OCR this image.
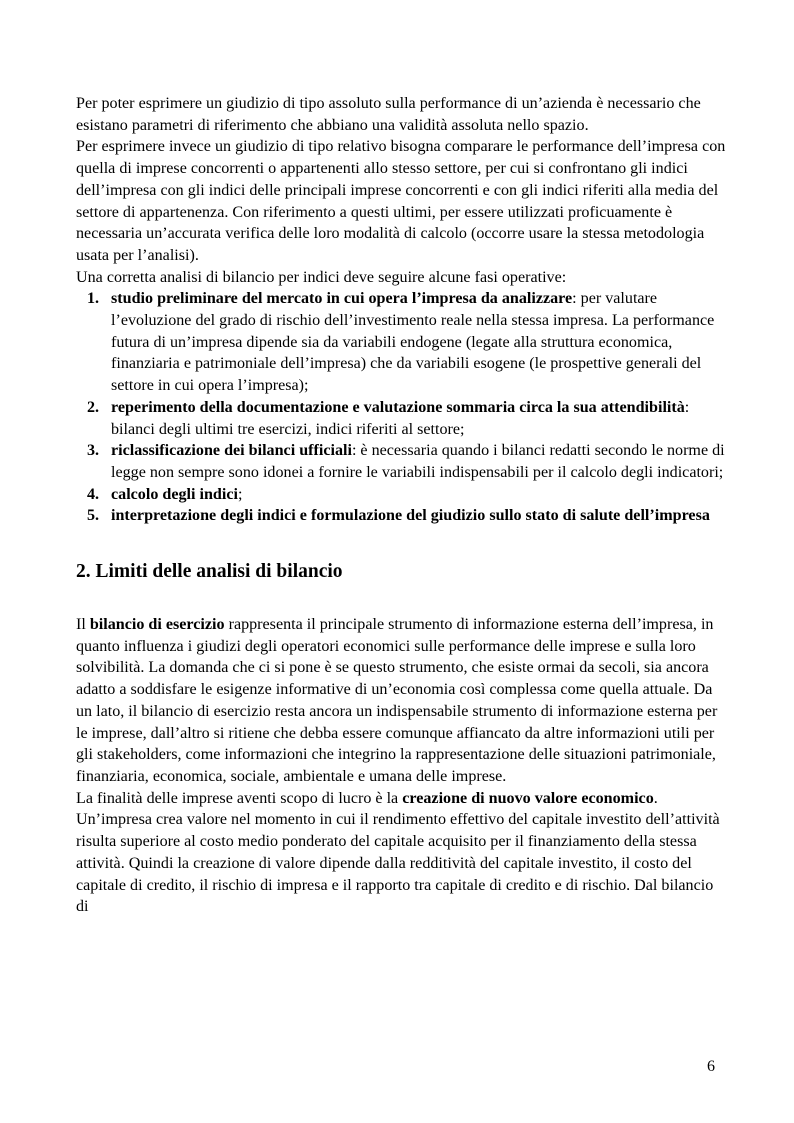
Per poter esprimere un giudizio di tipo assoluto sulla performance di un’azienda è necessario che esistano parametri di riferimento che abbiano una validità assoluta nello spazio.

Per esprimere invece un giudizio di tipo relativo bisogna comparare le performance dell’impresa con quella di imprese concorrenti o appartenenti allo stesso settore, per cui si confrontano gli indici dell’impresa con gli indici delle principali imprese concorrenti e con gli indici riferiti alla media del settore di appartenenza. Con riferimento a questi ultimi, per essere utilizzati proficuamente è necessaria un’accurata verifica delle loro modalità di calcolo (occorre usare la stessa metodologia usata per l’analisi).

Una corretta analisi di bilancio per indici deve seguire alcune fasi operative:

1. studio preliminare del mercato in cui opera l’impresa da analizzare: per valutare l’evoluzione del grado di rischio dell’investimento reale nella stessa impresa. La performance futura di un’impresa dipende sia da variabili endogene (legate alla struttura economica, finanziaria e patrimoniale dell’impresa) che da variabili esogene (le prospettive generali del settore in cui opera l’impresa);
2. reperimento della documentazione e valutazione sommaria circa la sua attendibilità: bilanci degli ultimi tre esercizi, indici riferiti al settore;
3. riclassificazione dei bilanci ufficiali: è necessaria quando i bilanci redatti secondo le norme di legge non sempre sono idonei a fornire le variabili indispensabili per il calcolo degli indicatori;
4. calcolo degli indici;
5. interpretazione degli indici e formulazione del giudizio sullo stato di salute dell’impresa
2. Limiti delle analisi di bilancio

Il bilancio di esercizio rappresenta il principale strumento di informazione esterna dell’impresa, in quanto influenza i giudizi degli operatori economici sulle performance delle imprese e sulla loro solvibilità. La domanda che ci si pone è se questo strumento, che esiste ormai da secoli, sia ancora adatto a soddisfare le esigenze informative di un’economia così complessa come quella attuale. Da un lato, il bilancio di esercizio resta ancora un indispensabile strumento di informazione esterna per le imprese, dall’altro si ritiene che debba essere comunque affiancato da altre informazioni utili per gli stakeholders, come informazioni che integrino la rappresentazione delle situazioni patrimoniale, finanziaria, economica, sociale, ambientale e umana delle imprese.

La finalità delle imprese aventi scopo di lucro è la creazione di nuovo valore economico. Un’impresa crea valore nel momento in cui il rendimento effettivo del capitale investito dell’attività risulta superiore al costo medio ponderato del capitale acquisito per il finanziamento della stessa attività. Quindi la creazione di valore dipende dalla redditività del capitale investito, il costo del capitale di credito, il rischio di impresa e il rapporto tra capitale di credito e di rischio. Dal bilancio di

6
